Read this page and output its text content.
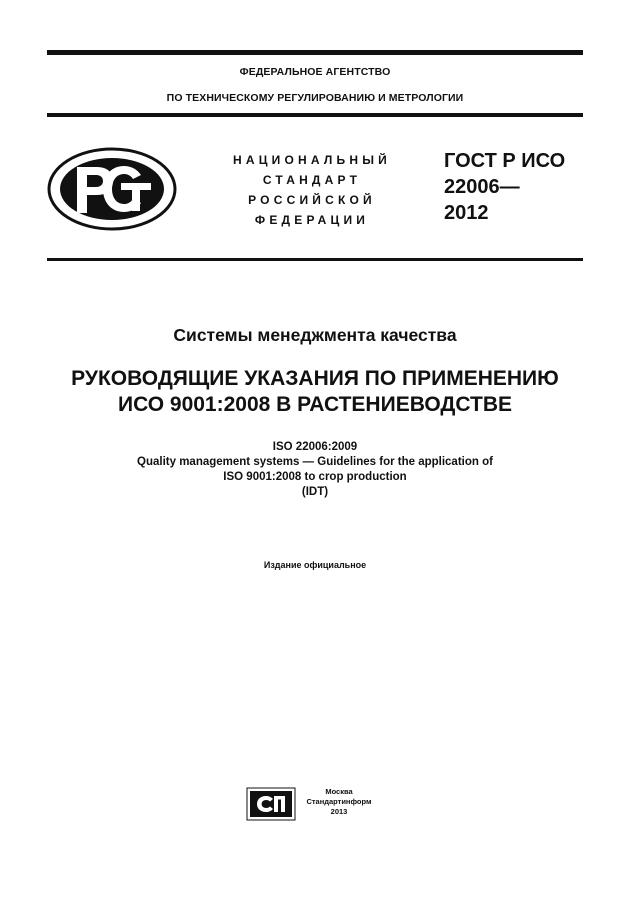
ФЕДЕРАЛЬНОЕ АГЕНТСТВО
ПО ТЕХНИЧЕСКОМУ РЕГУЛИРОВАНИЮ И МЕТРОЛОГИИ
НАЦИОНАЛЬНЫЙ
СТАНДАРТ
РОССИЙСКОЙ
ФЕДЕРАЦИИ
ГОСТ Р ИСО
22006—
2012
Системы менеджмента качества
РУКОВОДЯЩИЕ УКАЗАНИЯ ПО ПРИМЕНЕНИЮ
ИСО 9001:2008 В РАСТЕНИЕВОДСТВЕ
ISO 22006:2009
Quality management systems — Guidelines for the application of
ISO 9001:2008 to crop production
(IDT)
Издание официальное
Москва
Стандартинформ
2013
